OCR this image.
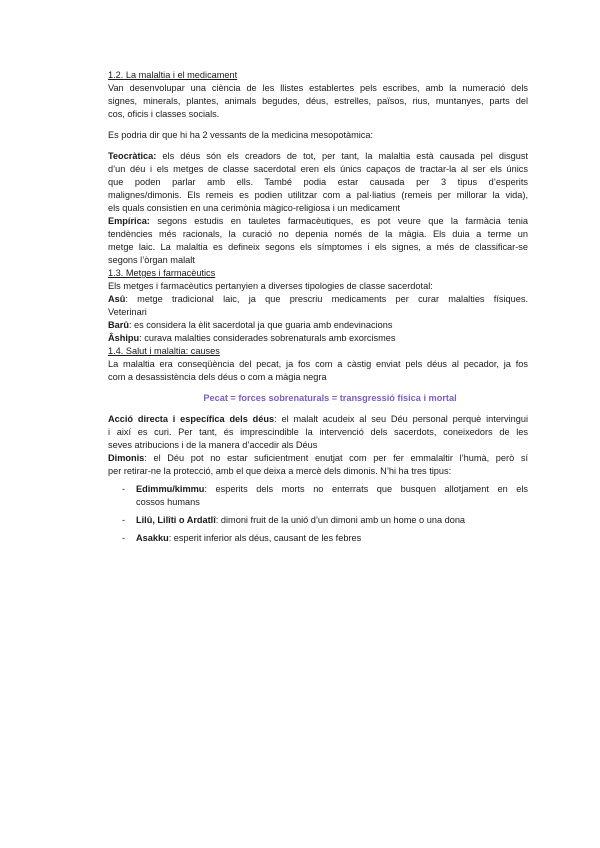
1.2. La malaltia i el medicament

Van desenvolupar una ciència de les llistes establertes pels escribes, amb la numeració dels

signes, minerals, plantes, animals begudes, déus, estrelles, països, rius, muntanyes, parts del

cos, oficis i classes socials.

Es podria dir que hi ha 2 vessants de la medicina mesopotàmica:

Teocràtica: els déus són els creadors de tot, per tant, la malaltia està causada pel disgust

d’un déu i els metges de classe sacerdotal eren els únics capaços de tractar-la al ser els únics

que poden parlar amb ells. També podia estar causada per 3 tipus d’esperits

malignes/dimonis. Els remeis es podien utilitzar com a pal·liatius (remeis per millorar la vida),

els quals consistien en una cerimònia màgico-religiosa i un medicament

Empírica: segons estudis en tauletes farmacèutiques, es pot veure que la farmàcia tenia

tendències més racionals, la curació no depenia només de la màgia. Els duia a terme un

metge laic. La malaltia es defineix segons els símptomes i els signes, a més de classificar-se

segons l’òrgan malalt

1.3. Metges i farmacèutics

Els metges i farmacèutics pertanyien a diverses tipologies de classe sacerdotal:

Asû: metge tradicional laic, ja que prescriu medicaments per curar malalties físiques.

Veterinari

Barû: es considera la èlit sacerdotal ja que guaria amb endevinacions

Âshipu: curava malalties considerades sobrenaturals amb exorcismes

1.4. Salut i malaltia: causes

La malaltia era conseqüència del pecat, ja fos com a càstig enviat pels déus al pecador, ja fos

com a desassistència dels déus o com a màgia negra

Pecat = forces sobrenaturals = transgressió física i mortal

Acció directa i específica dels déus: el malalt acudeix al seu Déu personal perquè intervingui

i així es curi. Per tant, és imprescindible la intervenció dels sacerdots, coneixedors de les

seves atribucions i de la manera d’accedir als Déus

Dimonis: el Déu pot no estar suficientment enutjat com per fer emmalaltir l’humà, però sí

per retirar-ne la protecció, amb el que deixa a mercè dels dimonis. N’hi ha tres tipus:

-	Edimmu/kimmu: esperits dels morts no enterrats que busquen allotjament en els

cossos humans

-	Lilû, Lilîti o Ardatlî: dimoni fruit de la unió d’un dimoni amb un home o una dona

-	Asakku: esperit inferior als déus, causant de les febres
